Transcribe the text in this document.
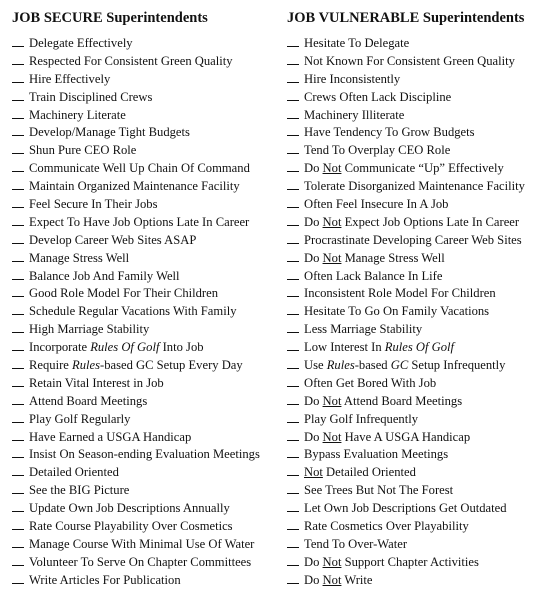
JOB SECURE Superintendents
Delegate Effectively
Respected For Consistent Green Quality
Hire Effectively
Train Disciplined Crews
Machinery Literate
Develop/Manage Tight Budgets
Shun Pure CEO Role
Communicate Well Up Chain Of Command
Maintain Organized Maintenance Facility
Feel Secure In Their Jobs
Expect To Have Job Options Late In Career
Develop Career Web Sites ASAP
Manage Stress Well
Balance Job And Family Well
Good Role Model For Their Children
Schedule Regular Vacations With Family
High Marriage Stability
Incorporate Rules Of Golf Into Job
Require Rules-based GC Setup Every Day
Retain Vital Interest in Job
Attend Board Meetings
Play Golf Regularly
Have Earned a USGA Handicap
Insist On Season-ending Evaluation Meetings
Detailed Oriented
See the BIG Picture
Update Own Job Descriptions Annually
Rate Course Playability Over Cosmetics
Manage Course With Minimal Use Of Water
Volunteer To Serve On Chapter Committees
Write Articles For Publication
JOB VULNERABLE Superintendents
Hesitate To Delegate
Not Known For Consistent Green Quality
Hire Inconsistently
Crews Often Lack Discipline
Machinery Illiterate
Have Tendency To Grow Budgets
Tend To Overplay CEO Role
Do Not Communicate “Up” Effectively
Tolerate Disorganized Maintenance Facility
Often Feel Insecure In A Job
Do Not Expect Job Options Late In Career
Procrastinate Developing Career Web Sites
Do Not Manage Stress Well
Often Lack Balance In Life
Inconsistent Role Model For Children
Hesitate To Go On Family Vacations
Less Marriage Stability
Low Interest In Rules Of Golf
Use Rules-based GC Setup Infrequently
Often Get Bored With Job
Do Not Attend Board Meetings
Play Golf Infrequently
Do Not Have A USGA Handicap
Bypass Evaluation Meetings
Not Detailed Oriented
See Trees But Not The Forest
Let Own Job Descriptions Get Outdated
Rate Cosmetics Over Playability
Tend To Over-Water
Do Not Support Chapter Activities
Do Not Write
